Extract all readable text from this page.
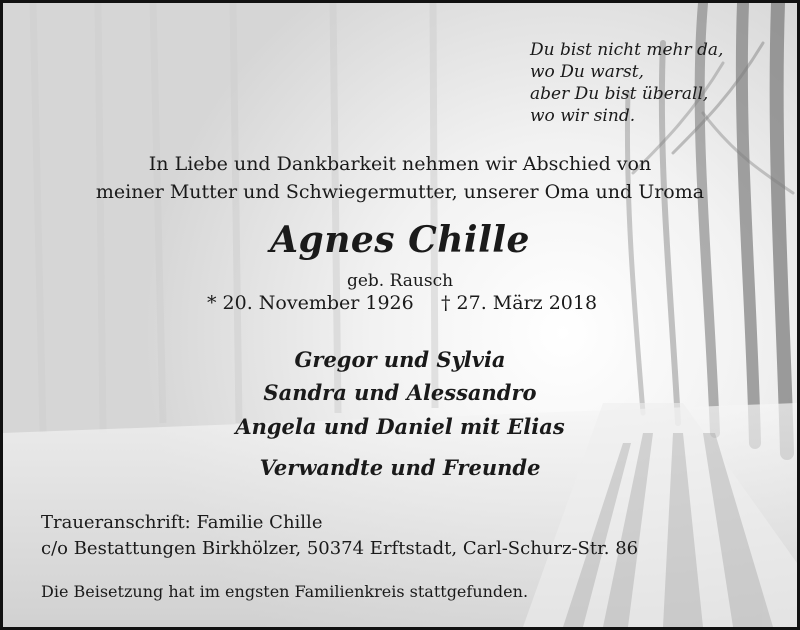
Du bist nicht mehr da,
wo Du warst,
aber Du bist überall,
wo wir sind.
In Liebe und Dankbarkeit nehmen wir Abschied von
meiner Mutter und Schwiegermutter, unserer Oma und Uroma
Agnes Chille
geb. Rausch
* 20. November 1926 † 27. März 2018
Gregor und Sylvia
Sandra und Alessandro
Angela und Daniel mit Elias
Verwandte und Freunde
Traueranschrift: Familie Chille
c/o Bestattungen Birkhölzer, 50374 Erftstadt, Carl-Schurz-Str. 86
Die Beisetzung hat im engsten Familienkreis stattgefunden.
